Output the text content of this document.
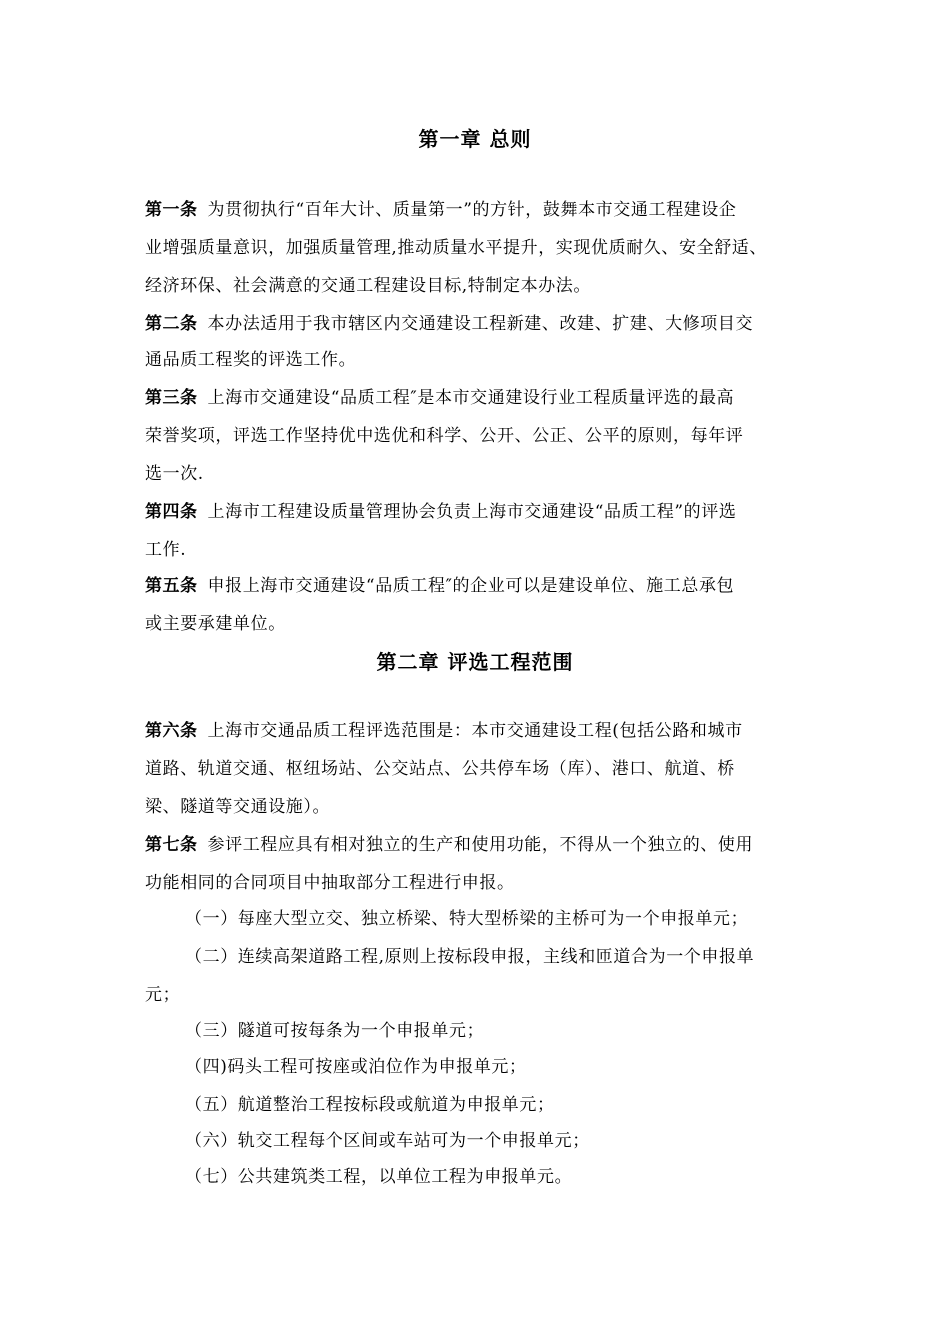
第一章 总则
第一条 为贯彻执行“百年大计、质量第一”的方针，鼓舞本市交通工程建设企
业增强质量意识，加强质量管理,推动质量水平提升，实现优质耐久、安全舒适、
经济环保、社会满意的交通工程建设目标,特制定本办法。
第二条 本办法适用于我市辖区内交通建设工程新建、改建、扩建、大修项目交
通品质工程奖的评选工作。
第三条 上海市交通建设“品质工程″是本市交通建设行业工程质量评选的最高
荣誉奖项，评选工作坚持优中选优和科学、公开、公正、公平的原则，每年评
选一次.
第四条 上海市工程建设质量管理协会负责上海市交通建设“品质工程”的评选
工作.
第五条 申报上海市交通建设“品质工程″的企业可以是建设单位、施工总承包
或主要承建单位。
第二章 评选工程范围
第六条 上海市交通品质工程评选范围是：本市交通建设工程(包括公路和城市
道路、轨道交通、枢纽场站、公交站点、公共停车场（库）、港口、航道、桥
梁、隧道等交通设施）。
第七条 参评工程应具有相对独立的生产和使用功能，不得从一个独立的、使用
功能相同的合同项目中抽取部分工程进行申报。
（一）每座大型立交、独立桥梁、特大型桥梁的主桥可为一个申报单元；
（二）连续高架道路工程,原则上按标段申报，主线和匝道合为一个申报单
元；
（三）隧道可按每条为一个申报单元；
（四)码头工程可按座或泊位作为申报单元；
（五）航道整治工程按标段或航道为申报单元；
（六）轨交工程每个区间或车站可为一个申报单元；
（七）公共建筑类工程，以单位工程为申报单元。
